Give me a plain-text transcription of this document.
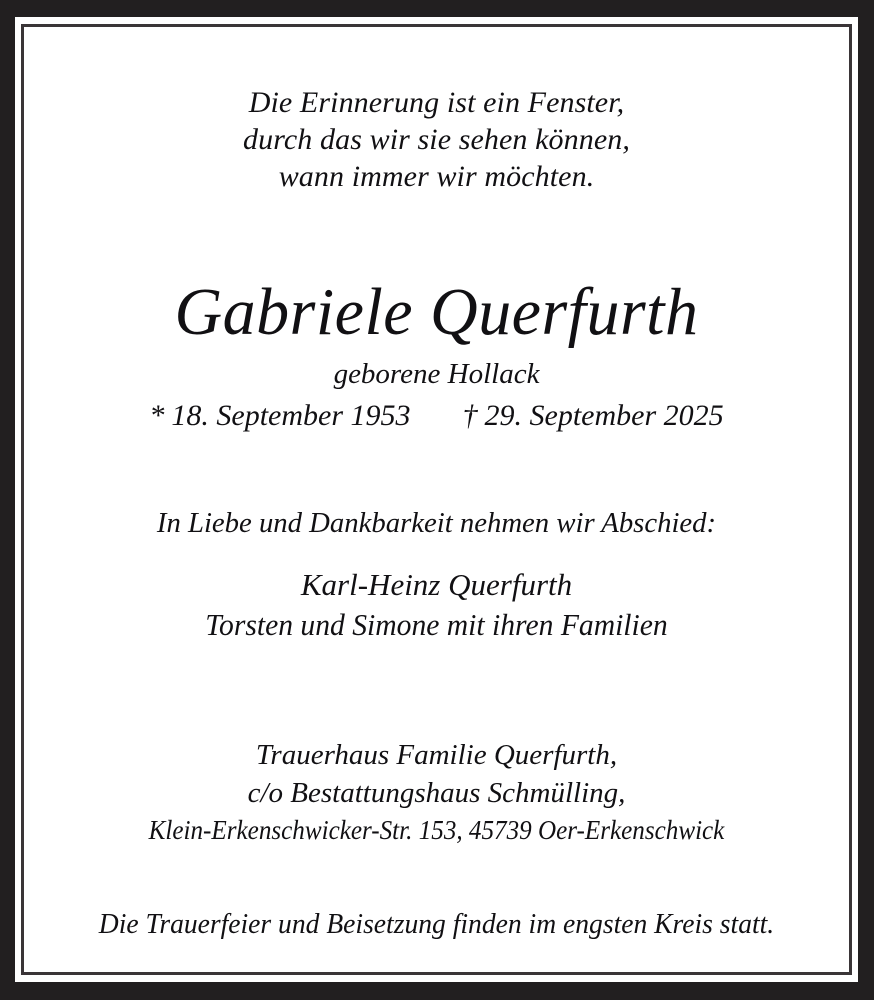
Die Erinnerung ist ein Fenster,
durch das wir sie sehen können,
wann immer wir möchten.
Gabriele Querfurth
geborene Hollack
* 18. September 1953 † 29. September 2025
In Liebe und Dankbarkeit nehmen wir Abschied:
Karl-Heinz Querfurth
Torsten und Simone mit ihren Familien
Trauerhaus Familie Querfurth,
c/o Bestattungshaus Schmülling,
Klein-Erkenschwicker-Str. 153, 45739 Oer-Erkenschwick
Die Trauerfeier und Beisetzung finden im engsten Kreis statt.
